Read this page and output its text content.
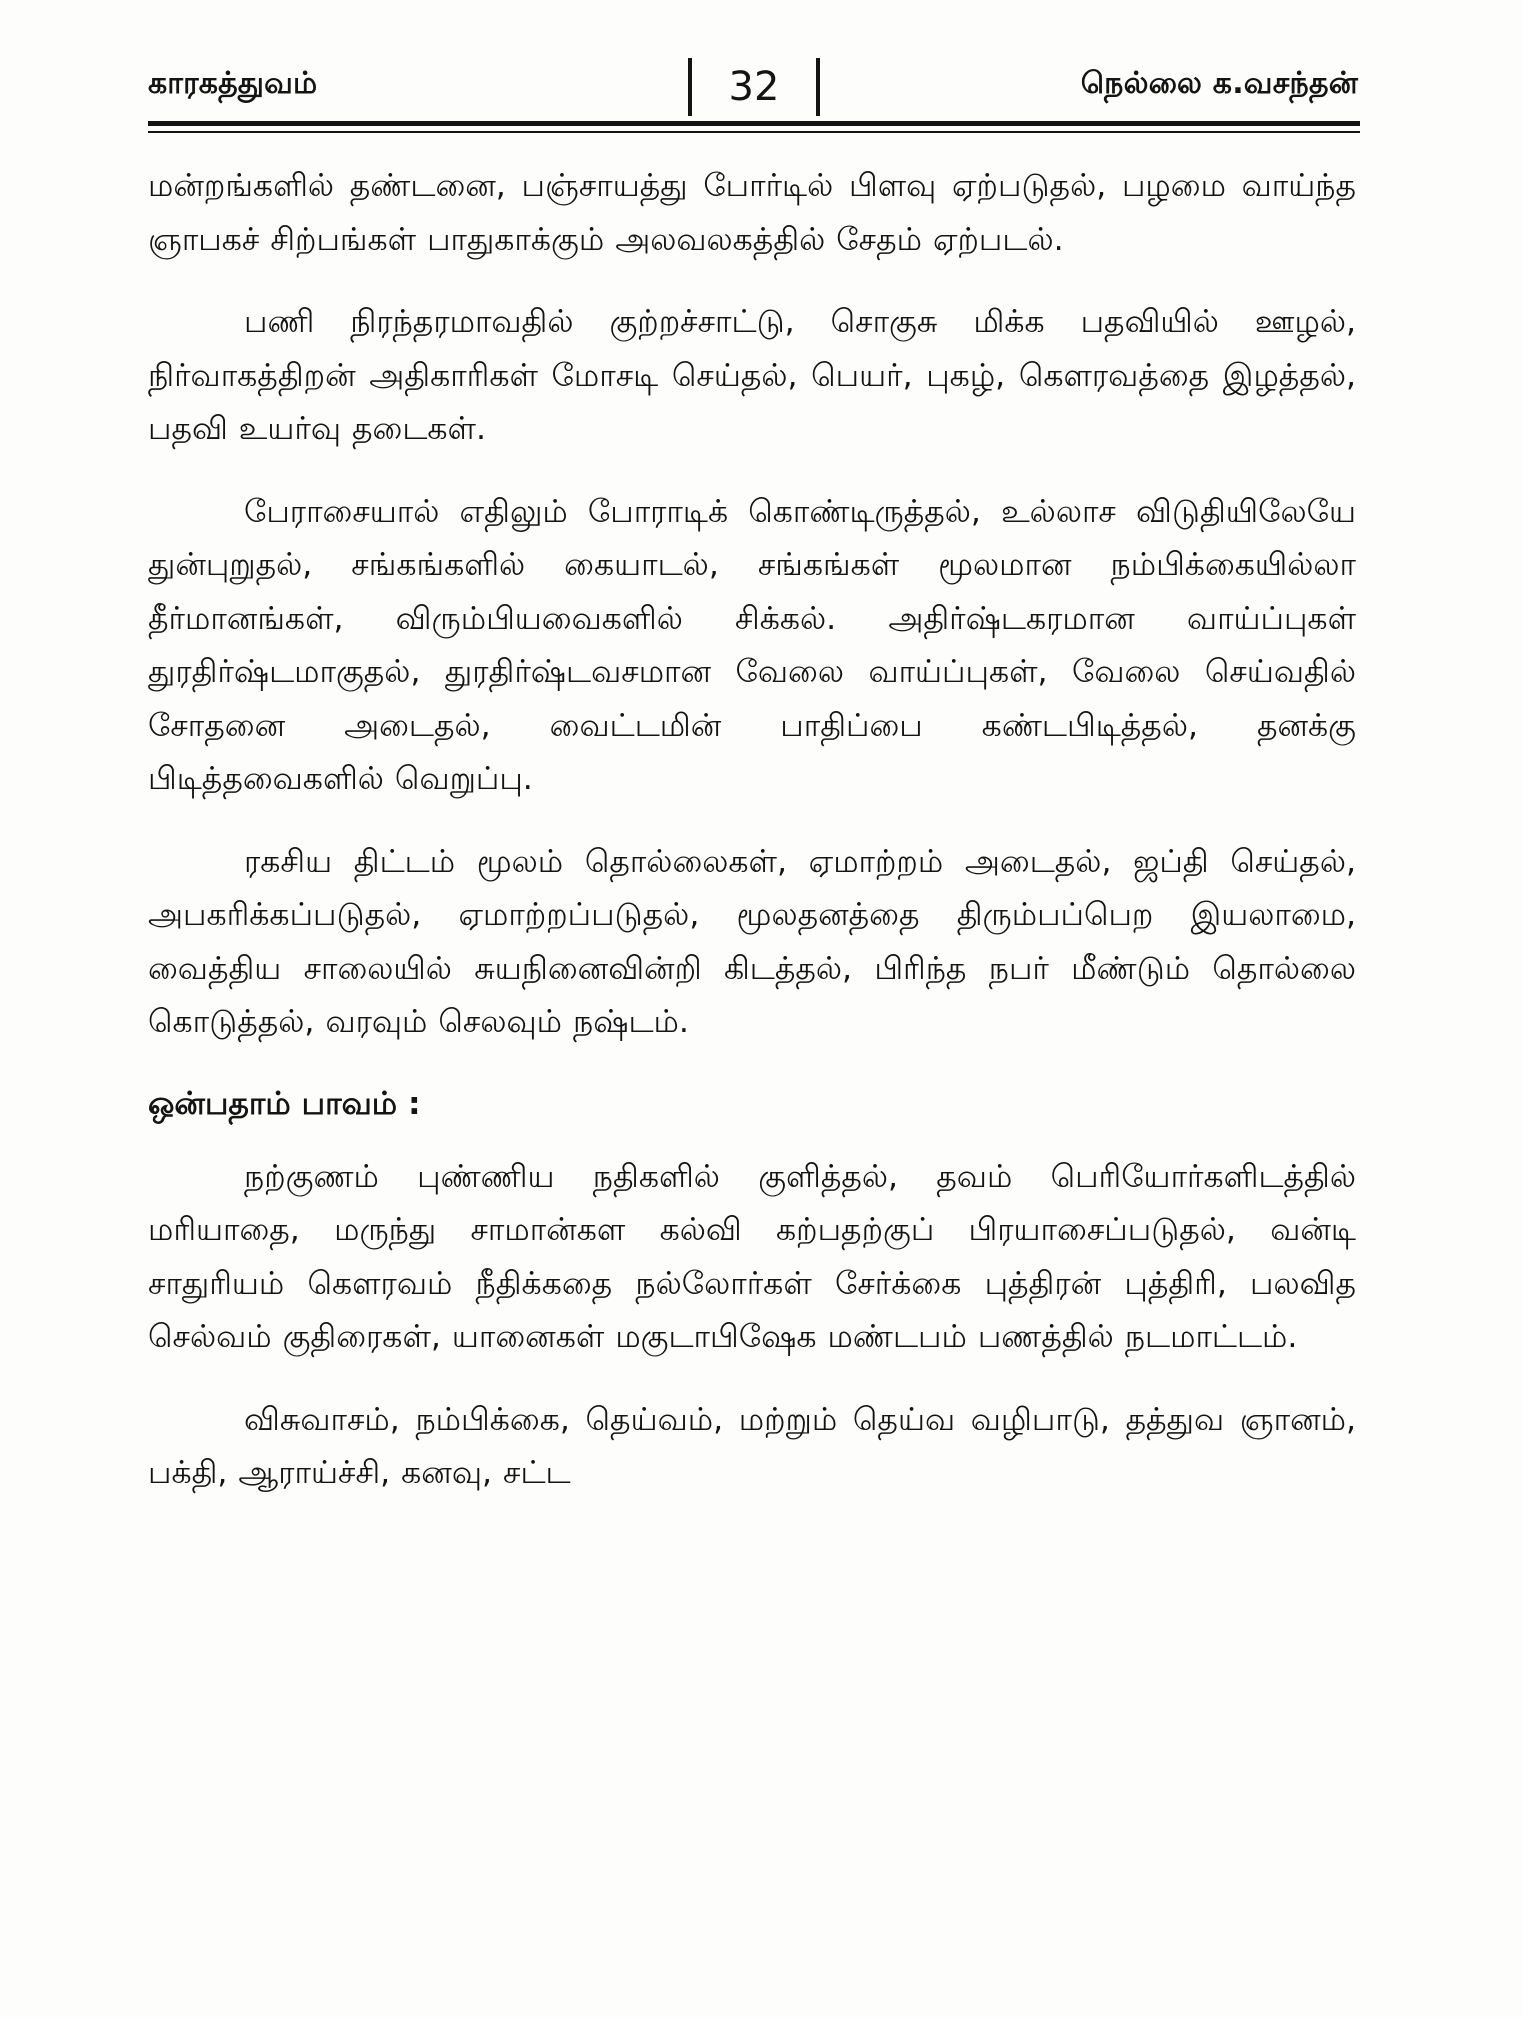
காரகத்துவம்	32	நெல்லை க.வசந்தன்

மன்றங்களில் தண்டனை, பஞ்சாயத்து போர்டில் பிளவு ஏற்படுதல், பழமை வாய்ந்த ஞாபகச் சிற்பங்கள் பாதுகாக்கும் அலவலகத்தில் சேதம் ஏற்படல்.

பணி நிரந்தரமாவதில் குற்றச்சாட்டு, சொகுசு மிக்க பதவியில் ஊழல், நிர்வாகத்திறன் அதிகாரிகள் மோசடி செய்தல், பெயர், புகழ், கௌரவத்தை இழத்தல், பதவி உயர்வு தடைகள்.

பேராசையால் எதிலும் போராடிக் கொண்டிருத்தல், உல்லாச விடுதியிலேயே துன்புறுதல், சங்கங்களில் கையாடல், சங்கங்கள் மூலமான நம்பிக்கையில்லா தீர்மானங்கள், விரும்பியவைகளில் சிக்கல். அதிர்ஷ்டகரமான வாய்ப்புகள் துரதிர்ஷ்டமாகுதல், துரதிர்ஷ்டவசமான வேலை வாய்ப்புகள், வேலை செய்வதில் சோதனை அடைதல், வைட்டமின் பாதிப்பை கண்டபிடித்தல், தனக்கு பிடித்தவைகளில் வெறுப்பு.

ரகசிய திட்டம் மூலம் தொல்லைகள், ஏமாற்றம் அடைதல், ஜப்தி செய்தல், அபகரிக்கப்படுதல், ஏமாற்றப்படுதல், மூலதனத்தை திரும்பப்பெற இயலாமை, வைத்திய சாலையில் சுயநினைவின்றி கிடத்தல், பிரிந்த நபர் மீண்டும் தொல்லை கொடுத்தல், வரவும் செலவும் நஷ்டம்.

ஒன்பதாம் பாவம் :

நற்குணம் புண்ணிய நதிகளில் குளித்தல், தவம் பெரியோர்களிடத்தில் மரியாதை, மருந்து சாமான்கள கல்வி கற்பதற்குப் பிரயாசைப்படுதல், வன்டி சாதுரியம் கௌரவம் நீதிக்கதை நல்லோர்கள் சேர்க்கை புத்திரன் புத்திரி, பலவித செல்வம் குதிரைகள், யானைகள் மகுடாபிஷேக மண்டபம் பணத்தில் நடமாட்டம்.

விசுவாசம், நம்பிக்கை, தெய்வம், மற்றும் தெய்வ வழிபாடு, தத்துவ ஞானம், பக்தி, ஆராய்ச்சி, கனவு, சட்ட
